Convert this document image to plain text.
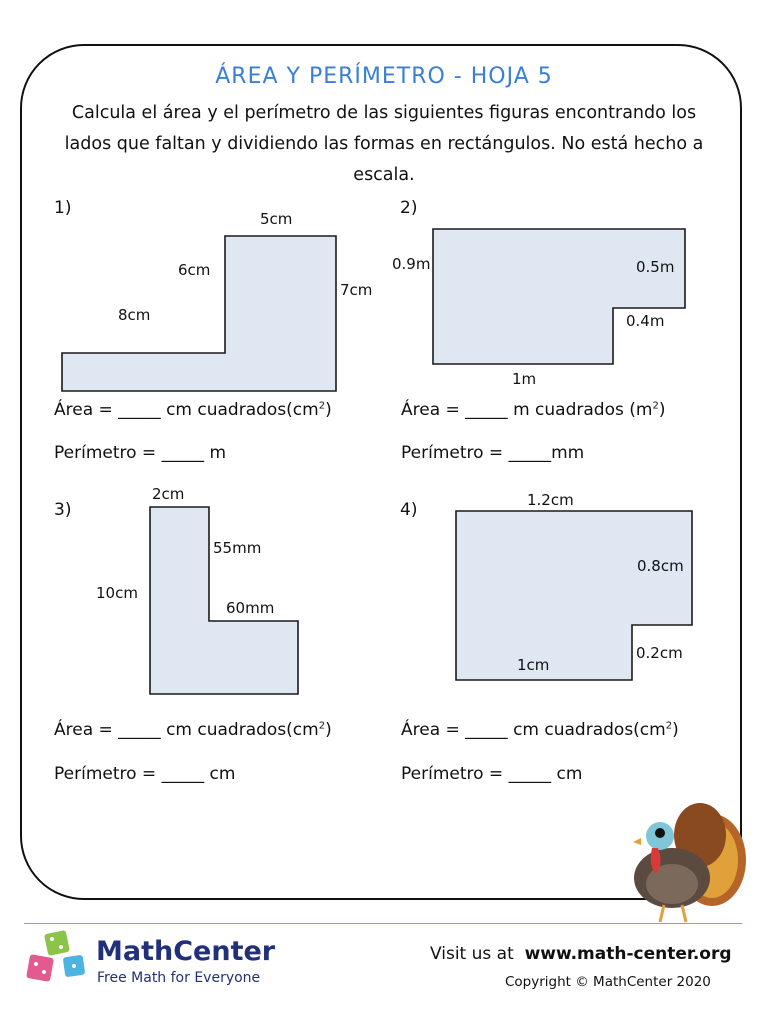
ÁREA Y PERÍMETRO - HOJA 5
Calcula el área y el perímetro de las siguientes figuras encontrando los lados que faltan y dividiendo las formas en rectángulos. No está hecho a escala.
1)
5cm
6cm
7cm
8cm
Área = _____ cm $cuadrados(cm^2)$
Perímetro = _____ m
2)
0.9m	0.5m
0.4m
1m
Área = _____ m cuadrados $(m^2)$
Perímetro = _____mm
3)
2cm
55mm
10cm
60mm
Área = _____ cm $cuadrados(cm^2)$
Perímetro = _____ cm
4)	1.2cm
0.8cm
0.2cm
1cm
Área = _____ cm $cuadrados(cm^2)$
Perímetro = _____ cm
MathCenter
Free Math for Everyone
Visit us at www.math-center.org
Copyright © MathCenter 2020
